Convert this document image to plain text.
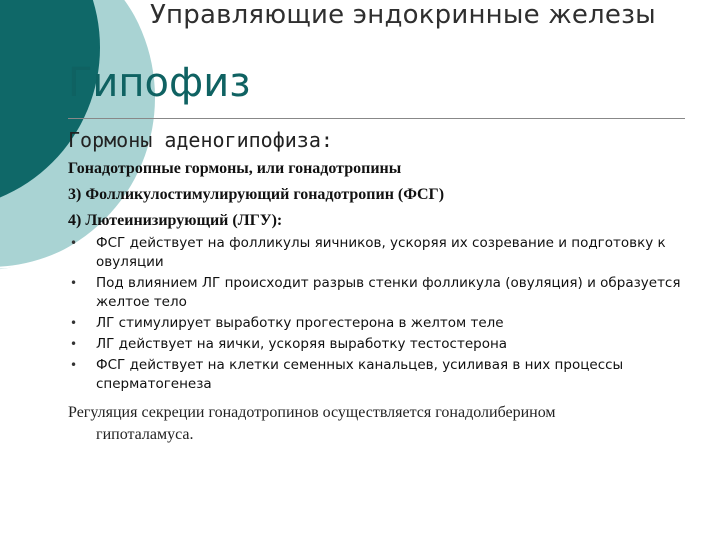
Управляющие эндокринные железы
Гипофиз
Гормоны аденогипофиза:
Гонадотропные гормоны, или гонадотропины
3) Фолликулостимулирующий гонадотропин (ФСГ)
4) Лютеинизирующий (ЛГУ):
• ФСГ действует на фолликулы яичников, ускоряя их созревание и подготовку к овуляции
• Под влиянием ЛГ происходит разрыв стенки фолликула (овуляция) и образуется желтое тело
• ЛГ стимулирует выработку прогестерона в желтом теле
• ЛГ действует на яички, ускоряя выработку тестостерона
• ФСГ действует на клетки семенных канальцев, усиливая в них процессы сперматогенеза
Регуляция секреции гонадотропинов осуществляется гонадолиберином
гипоталамуса.
